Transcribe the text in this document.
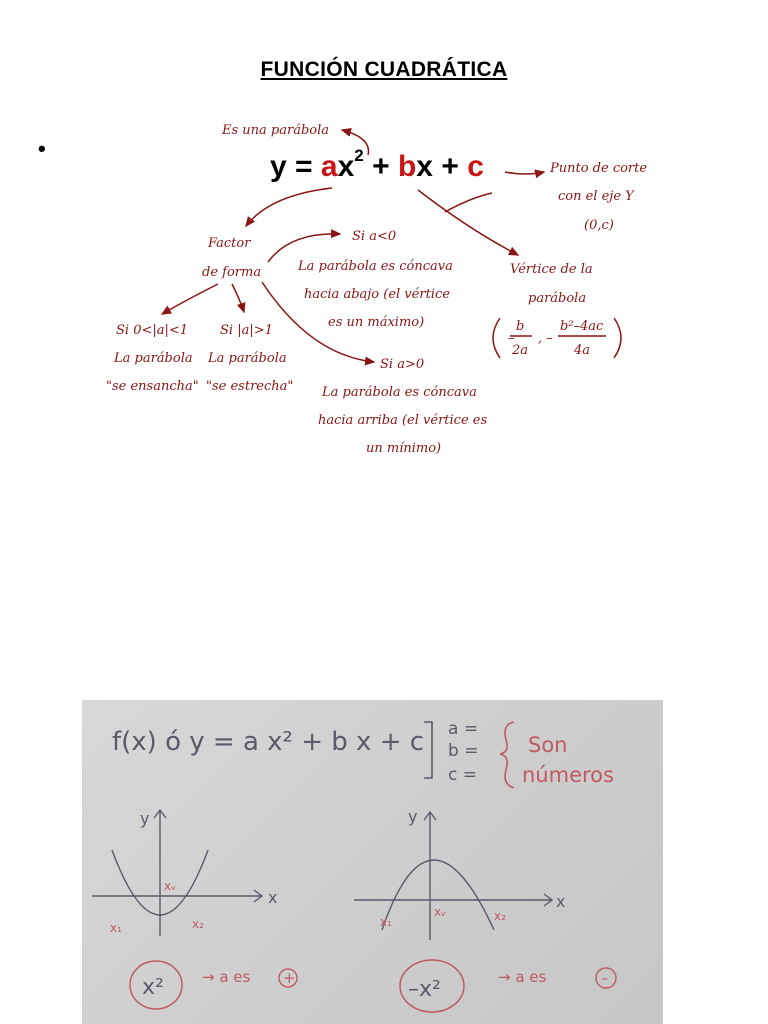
FUNCIÓN CUADRÁTICA
•
$y = ax^2$ + bx + c
Es una parábola
Punto de corte
con el eje Y
(0,c)
Factor
de forma
Si a<0
La parábola es cóncava
hacia abajo (el vértice
es un máximo)
Vértice de la
parábola
–
b
2a
, –
b²–4ac
4a
Si 0<|a|<1
La parábola
"se ensancha"
Si |a|>1
La parábola
"se estrecha"
Si a>0
La parábola es cóncava
hacia arriba (el vértice es
un mínimo)
f(x) ó y = a x² + b x + c a =
b =
c =
Son
números
y
x
x₁
xᵥ
x₂
x²	→ a es +
y
x
x₁
xᵥ	x₂
–x²	→ a es	–
